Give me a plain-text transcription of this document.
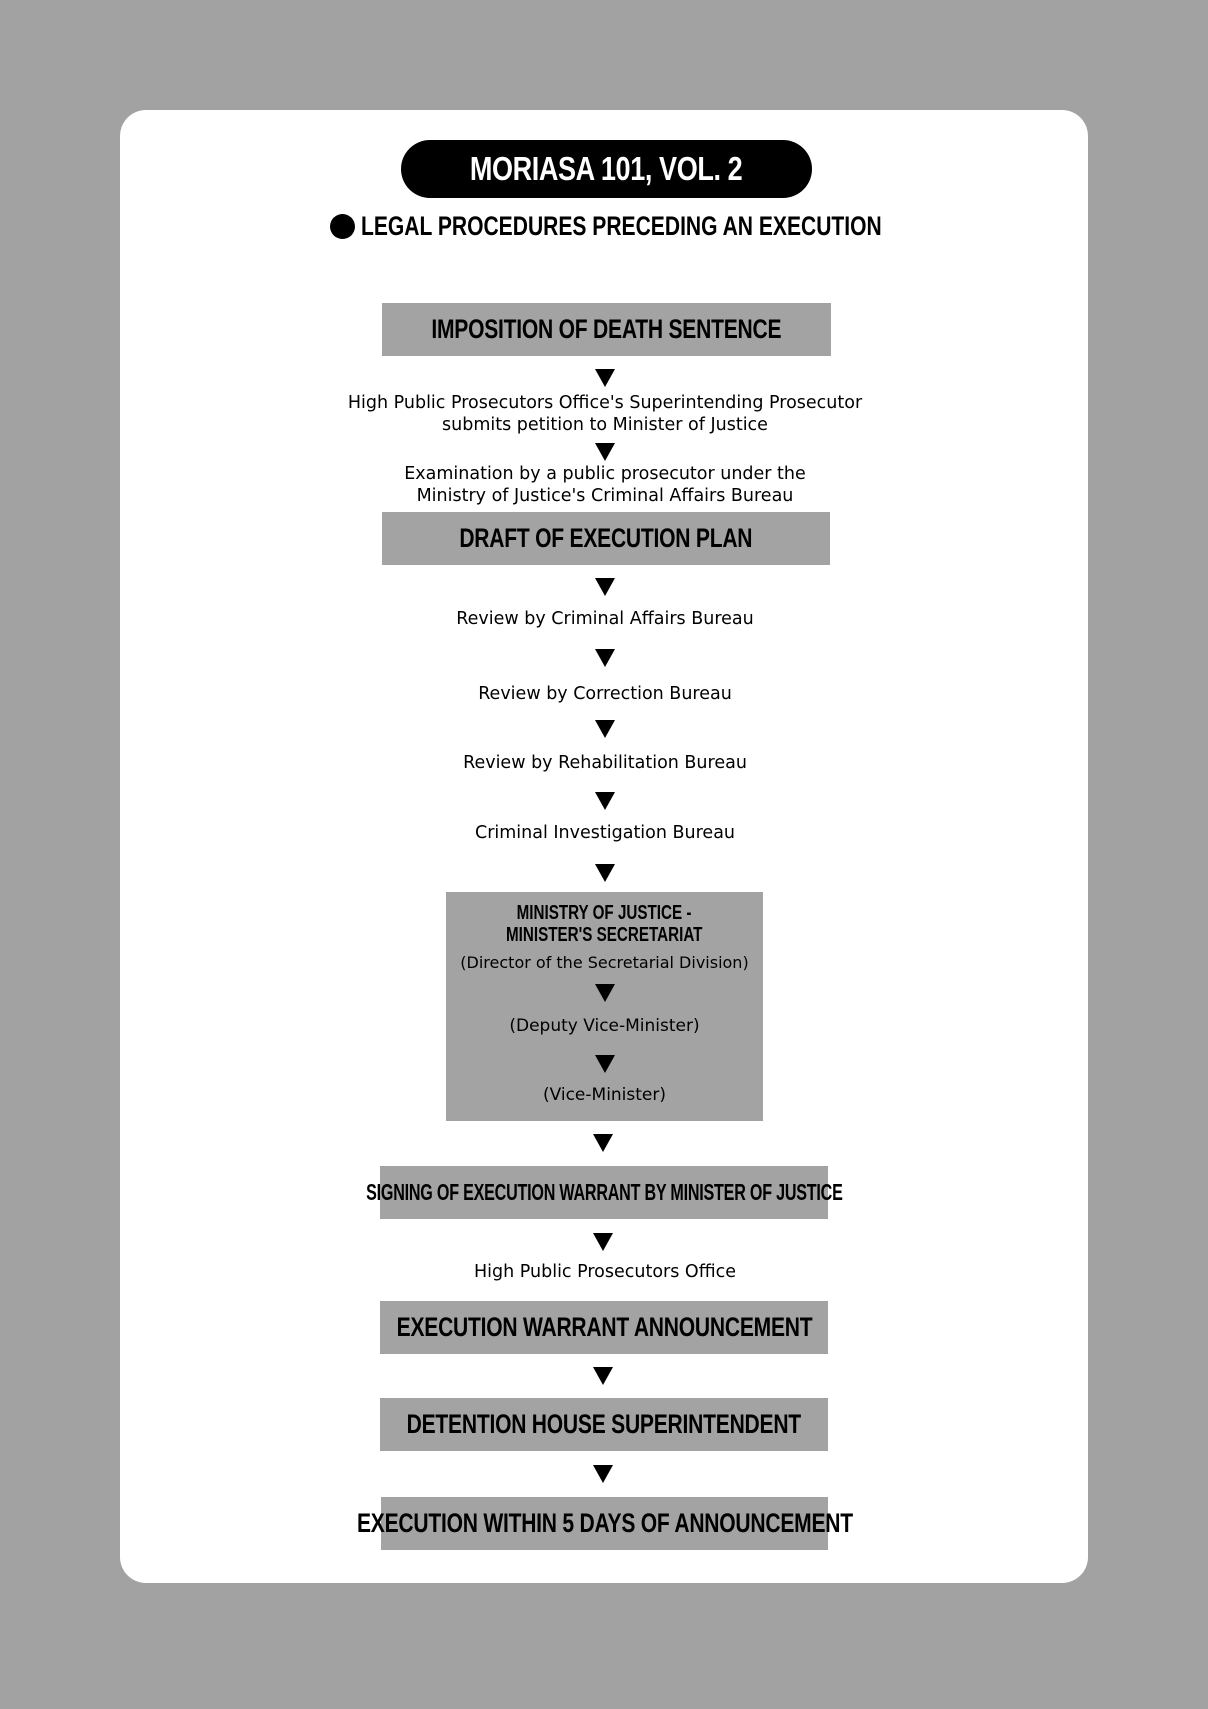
MORIASA 101, VOL. 2
LEGAL PROCEDURES PRECEDING AN EXECUTION
IMPOSITION OF DEATH SENTENCE
High Public Prosecutors Office's Superintending Prosecutor
submits petition to Minister of Justice
Examination by a public prosecutor under the
Ministry of Justice's Criminal Affairs Bureau
DRAFT OF EXECUTION PLAN
Review by Criminal Affairs Bureau
Review by Correction Bureau
Review by Rehabilitation Bureau
Criminal Investigation Bureau
MINISTRY OF JUSTICE -
MINISTER'S SECRETARIAT
(Director of the Secretarial Division)
(Deputy Vice-Minister)
(Vice-Minister)
SIGNING OF EXECUTION WARRANT BY MINISTER OF JUSTICE
High Public Prosecutors Office
EXECUTION WARRANT ANNOUNCEMENT
DETENTION HOUSE SUPERINTENDENT
EXECUTION WITHIN 5 DAYS OF ANNOUNCEMENT
